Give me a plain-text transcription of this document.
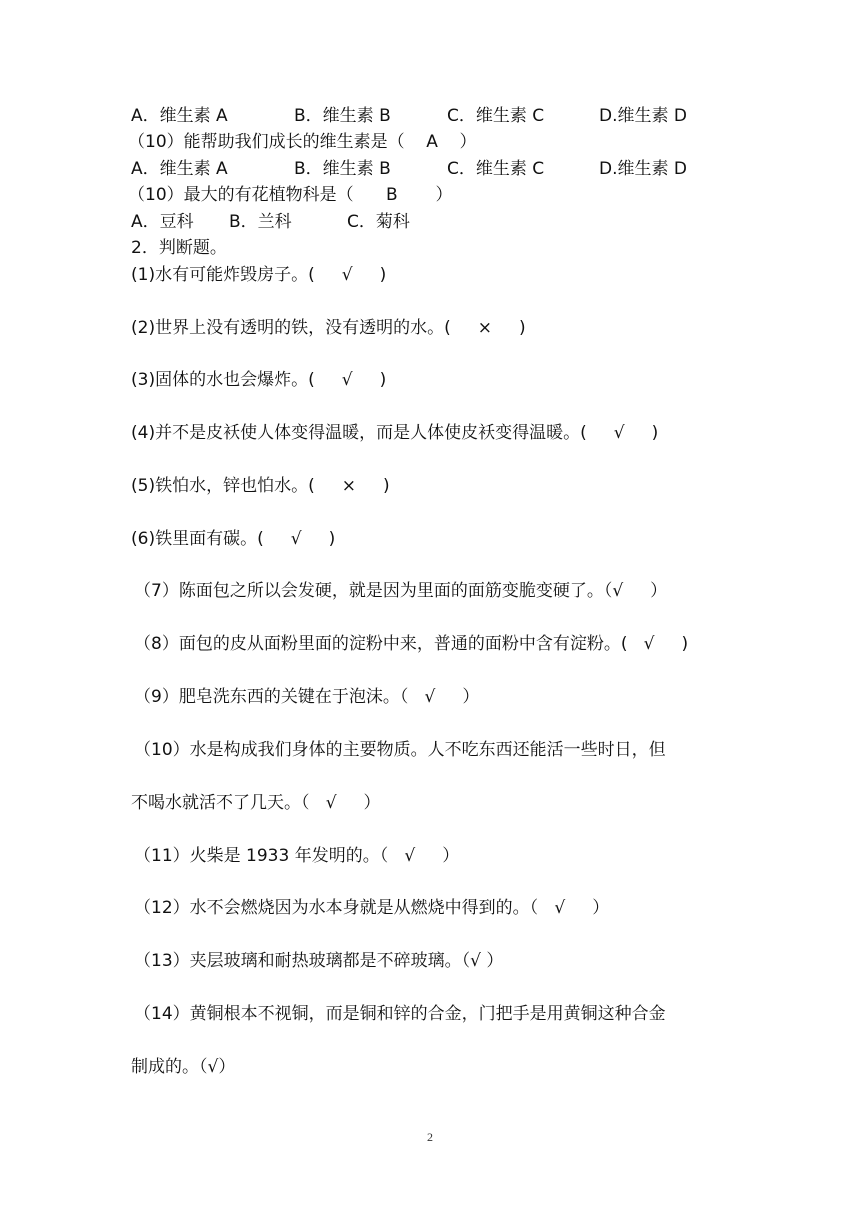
A．维生素 A	B．维生素 B	C．维生素 C	D.维生素 D
（10）能帮助我们成长的维生素是（    A    ）
A．维生素 A	B．维生素 B	C．维生素 C	D.维生素 D
（10）最大的有花植物科是（      B       ）
A．豆科	B．兰科	C．菊科
2．判断题。
(1)水有可能炸毁房子。(     √     )
(2)世界上没有透明的铁，没有透明的水。(     ×     )
(3)固体的水也会爆炸。(     √     )
(4)并不是皮袄使人体变得温暖，而是人体使皮袄变得温暖。(     √     )
(5)铁怕水，锌也怕水。(     ×     )
(6)铁里面有碳。(     √     )
（7）陈面包之所以会发硬，就是因为里面的面筋变脆变硬了。（√     ）
（8）面包的皮从面粉里面的淀粉中来，普通的面粉中含有淀粉。(   √     )
（9）肥皂洗东西的关键在于泡沫。（   √     ）
（10）水是构成我们身体的主要物质。人不吃东西还能活一些时日，但
不喝水就活不了几天。（   √     ）
（11）火柴是 1933 年发明的。（   √     ）
（12）水不会燃烧因为水本身就是从燃烧中得到的。（   √     ）
（13）夹层玻璃和耐热玻璃都是不碎玻璃。（√ ）
（14）黄铜根本不视铜，而是铜和锌的合金，门把手是用黄铜这种合金
制成的。（√）
2
